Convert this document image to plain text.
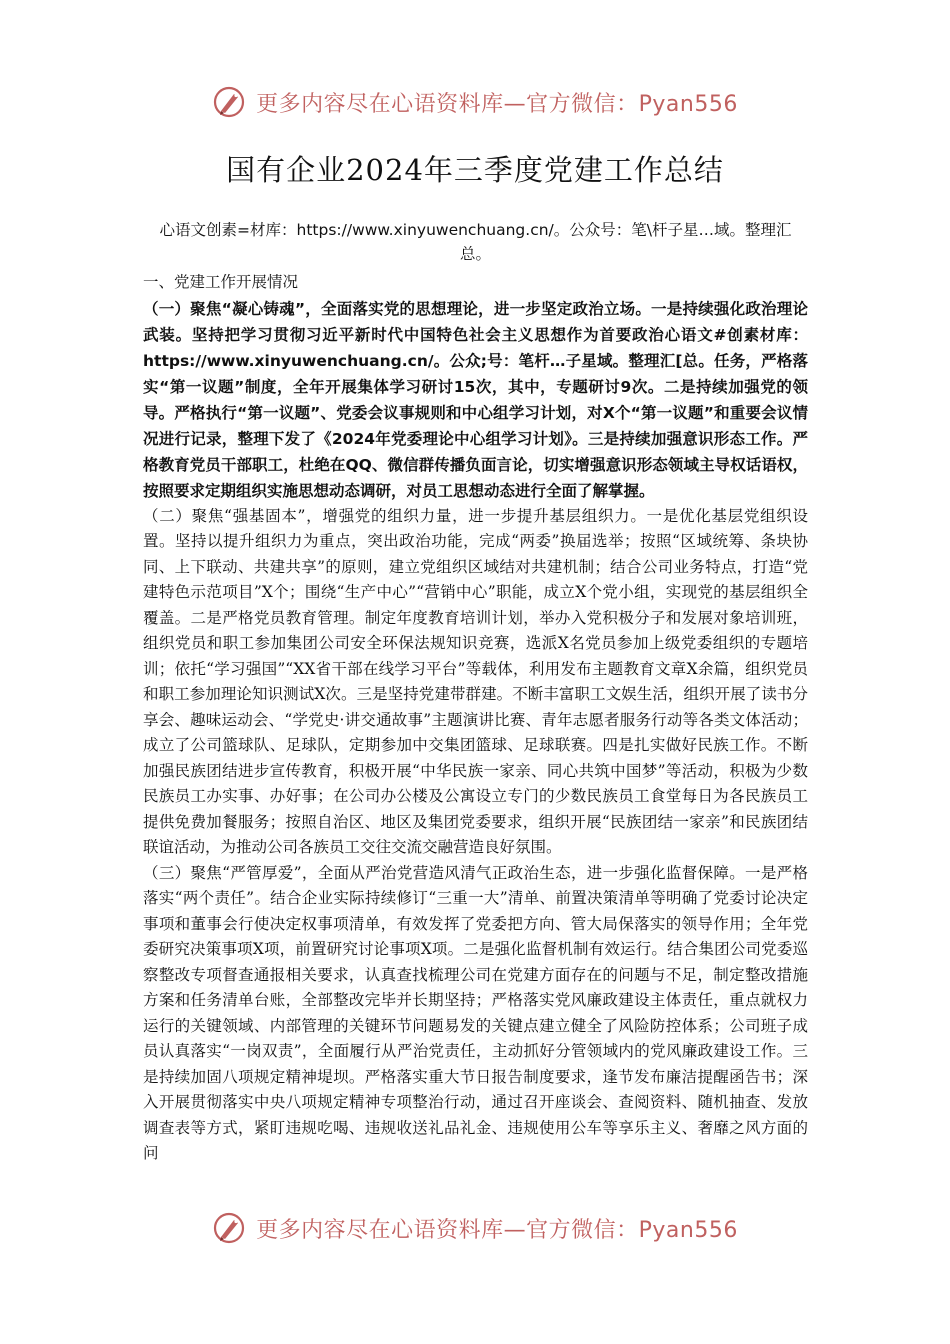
更多内容尽在心语资料库—官方微信：Pyan556
国有企业2024年三季度党建工作总结

心语文创素=材库：https://www.xinyuwenchuang.cn/。公众号：笔\杆子星…域。整理汇总。

一、党建工作开展情况

（一）聚焦“凝心铸魂”，全面落实党的思想理论，进一步坚定政治立场。一是持续强化政治理论武装。坚持把学习贯彻习近平新时代中国特色社会主义思想作为首要政治心语文#创素材库：https://www.xinyuwenchuang.cn/。公众;号：笔杆…子星域。整理汇[总。任务，严格落实“第一议题”制度，全年开展集体学习研讨15次，其中，专题研讨9次。二是持续加强党的领导。严格执行“第一议题”、党委会议事规则和中心组学习计划，对X个“第一议题”和重要会议情况进行记录，整理下发了《2024年党委理论中心组学习计划》。三是持续加强意识形态工作。严格教育党员干部职工，杜绝在QQ、微信群传播负面言论，切实增强意识形态领域主导权话语权，按照要求定期组织实施思想动态调研，对员工思想动态进行全面了解掌握。

（二）聚焦“强基固本”，增强党的组织力量，进一步提升基层组织力。一是优化基层党组织设置。坚持以提升组织力为重点，突出政治功能，完成“两委”换届选举；按照“区域统筹、条块协同、上下联动、共建共享”的原则，建立党组织区域结对共建机制；结合公司业务特点，打造“党建特色示范项目”X个；围绕“生产中心”“营销中心”职能，成立X个党小组，实现党的基层组织全覆盖。二是严格党员教育管理。制定年度教育培训计划，举办入党积极分子和发展对象培训班，组织党员和职工参加集团公司安全环保法规知识竞赛，选派X名党员参加上级党委组织的专题培训；依托“学习强国”“XX省干部在线学习平台”等载体，利用发布主题教育文章X余篇，组织党员和职工参加理论知识测试X次。三是坚持党建带群建。不断丰富职工文娱生活，组织开展了读书分享会、趣味运动会、“学党史·讲交通故事”主题演讲比赛、青年志愿者服务行动等各类文体活动；成立了公司篮球队、足球队，定期参加中交集团篮球、足球联赛。四是扎实做好民族工作。不断加强民族团结进步宣传教育，积极开展“中华民族一家亲、同心共筑中国梦”等活动，积极为少数民族员工办实事、办好事；在公司办公楼及公寓设立专门的少数民族员工食堂每日为各民族员工提供免费加餐服务；按照自治区、地区及集团党委要求，组织开展“民族团结一家亲”和民族团结联谊活动，为推动公司各族员工交往交流交融营造良好氛围。

（三）聚焦“严管厚爱”，全面从严治党营造风清气正政治生态，进一步强化监督保障。一是严格落实“两个责任”。结合企业实际持续修订“三重一大”清单、前置决策清单等明确了党委讨论决定事项和董事会行使决定权事项清单，有效发挥了党委把方向、管大局保落实的领导作用；全年党委研究决策事项X项，前置研究讨论事项X项。二是强化监督机制有效运行。结合集团公司党委巡察整改专项督查通报相关要求，认真查找梳理公司在党建方面存在的问题与不足，制定整改措施方案和任务清单台账，全部整改完毕并长期坚持；严格落实党风廉政建设主体责任，重点就权力运行的关键领域、内部管理的关键环节问题易发的关键点建立健全了风险防控体系；公司班子成员认真落实“一岗双责”，全面履行从严治党责任，主动抓好分管领域内的党风廉政建设工作。三是持续加固八项规定精神堤坝。严格落实重大节日报告制度要求，逢节发布廉洁提醒函告书；深入开展贯彻落实中央八项规定精神专项整治行动，通过召开座谈会、查阅资料、随机抽查、发放调查表等方式，紧盯违规吃喝、违规收送礼品礼金、违规使用公车等享乐主义、奢靡之风方面的问

更多内容尽在心语资料库—官方微信：Pyan556
